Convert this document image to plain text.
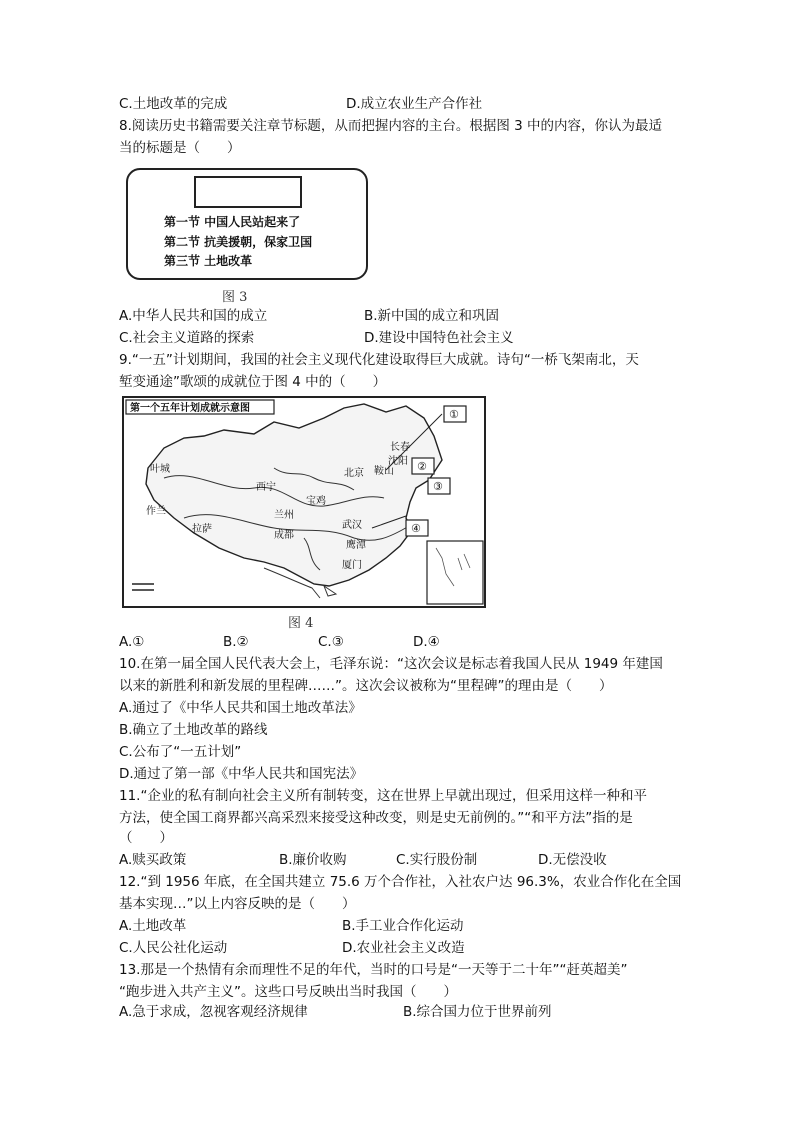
C.土地改革的完成	D.成立农业生产合作社
8.阅读历史书籍需要关注章节标题，从而把握内容的主台。根据图 3 中的内容，你认为最适
当的标题是（　　）
第一节 中国人民站起来了
第二节 抗美援朝，保家卫国
第三节 土地改革
图 3
A.中华人民共和国的成立	B.新中国的成立和巩固
C.社会主义道路的探索	D.建设中国特色社会主义
9.“一五”计划期间，我国的社会主义现代化建设取得巨大成就。诗句“一桥飞架南北，天
堑变通途”歌颂的成就位于图 4 中的（　　）
第一个五年计划成就示意图
叶城
作兰
拉萨
西宁
兰州
宝鸡
成都
武汉
鹰潭
厦门
北京 鞍山
长春
沈阳
①
②
③
④
图 4
A.①	B.②	C.③	D.④
10.在第一届全国人民代表大会上，毛泽东说：“这次会议是标志着我国人民从 1949 年建国
以来的新胜利和新发展的里程碑……”。这次会议被称为“里程碑”的理由是（　　）
A.通过了《中华人民共和国土地改革法》
B.确立了土地改革的路线
C.公布了“一五计划”
D.通过了第一部《中华人民共和国宪法》
11.“企业的私有制向社会主义所有制转变，这在世界上早就出现过，但采用这样一种和平
方法，使全国工商界都兴高采烈来接受这种改变，则是史无前例的。”“和平方法”指的是
（　　）
A.赎买政策	B.廉价收购	C.实行股份制	D.无偿没收
12.“到 1956 年底，在全国共建立 75.6 万个合作社，入社农户达 96.3%，农业合作化在全国
基本实现…”以上内容反映的是（　　）
A.土地改革	B.手工业合作化运动
C.人民公社化运动	D.农业社会主义改造
13.那是一个热情有余而理性不足的年代，当时的口号是“一天等于二十年”“赶英超美”
“跑步进入共产主义”。这些口号反映出当时我国（　　）
A.急于求成，忽视客观经济规律	B.综合国力位于世界前列
